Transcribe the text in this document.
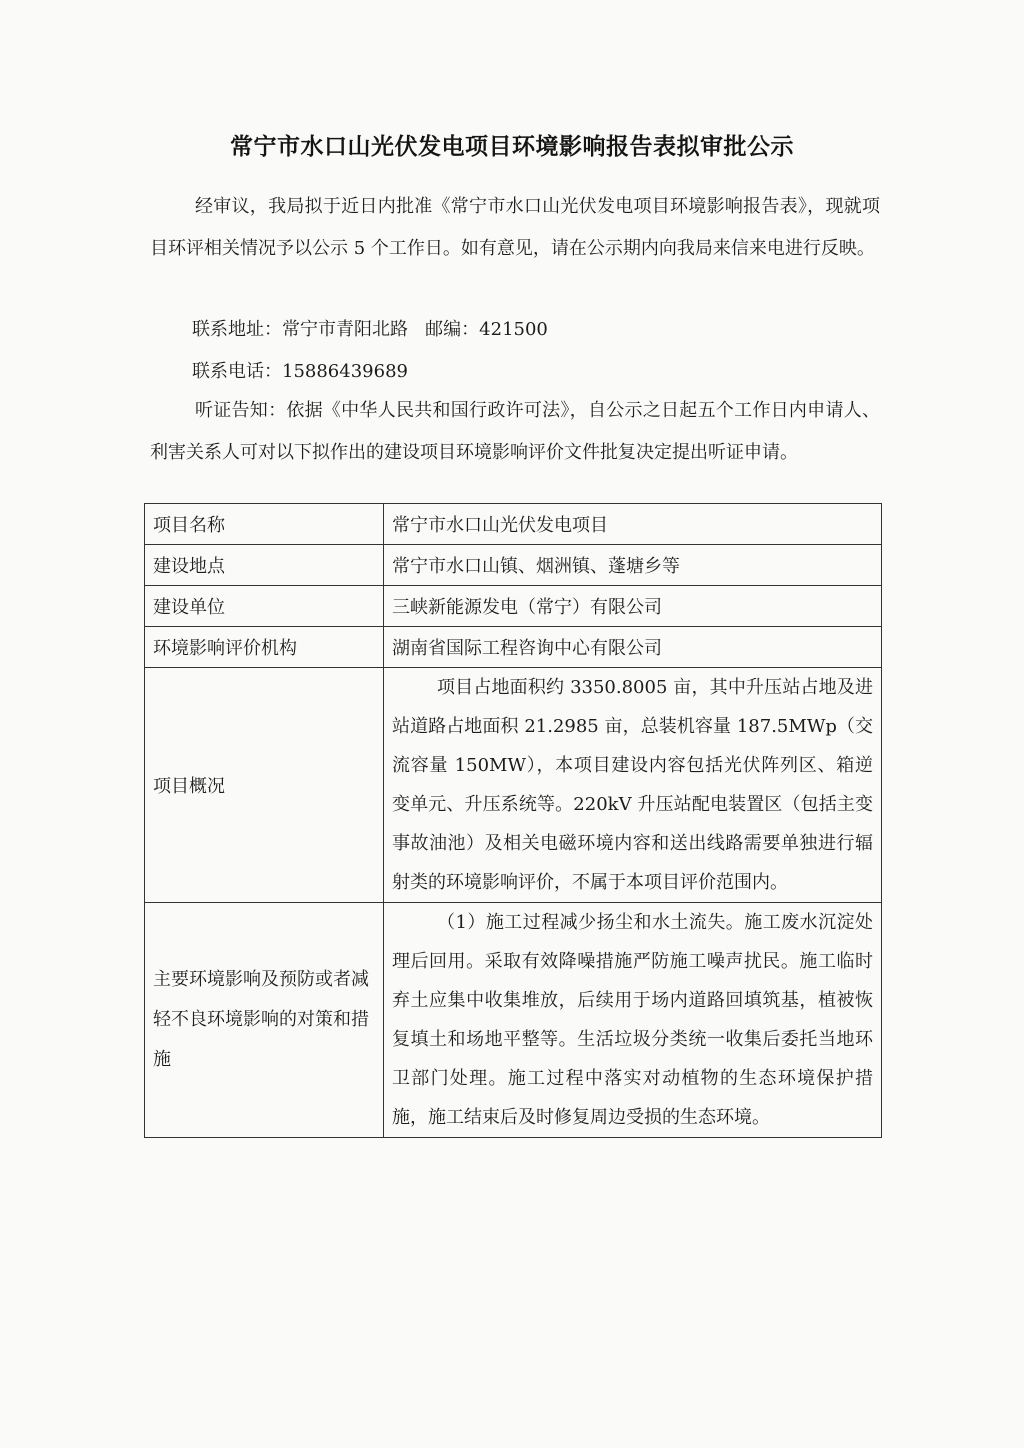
常宁市水口山光伏发电项目环境影响报告表拟审批公示
经审议，我局拟于近日内批准《常宁市水口山光伏发电项目环境影响报告表》，现就项目环评相关情况予以公示 5 个工作日。如有意见，请在公示期内向我局来信来电进行反映。
联系地址：常宁市青阳北路   邮编：421500
联系电话：15886439689
听证告知：依据《中华人民共和国行政许可法》，自公示之日起五个工作日内申请人、利害关系人可对以下拟作出的建设项目环境影响评价文件批复决定提出听证申请。
项目名称	常宁市水口山光伏发电项目
建设地点	常宁市水口山镇、烟洲镇、蓬塘乡等
建设单位	三峡新能源发电（常宁）有限公司
环境影响评价机构	湖南省国际工程咨询中心有限公司
项目概况	项目占地面积约 3350.8005 亩，其中升压站占地及进站道路占地面积 21.2985 亩，总装机容量 187.5MWp（交流容量 150MW），本项目建设内容包括光伏阵列区、箱逆变单元、升压系统等。220kV 升压站配电装置区（包括主变事故油池）及相关电磁环境内容和送出线路需要单独进行辐射类的环境影响评价，不属于本项目评价范围内。
主要环境影响及预防或者减轻不良环境影响的对策和措施	（1）施工过程减少扬尘和水土流失。施工废水沉淀处理后回用。采取有效降噪措施严防施工噪声扰民。施工临时弃土应集中收集堆放，后续用于场内道路回填筑基，植被恢复填土和场地平整等。生活垃圾分类统一收集后委托当地环卫部门处理。施工过程中落实对动植物的生态环境保护措施，施工结束后及时修复周边受损的生态环境。
